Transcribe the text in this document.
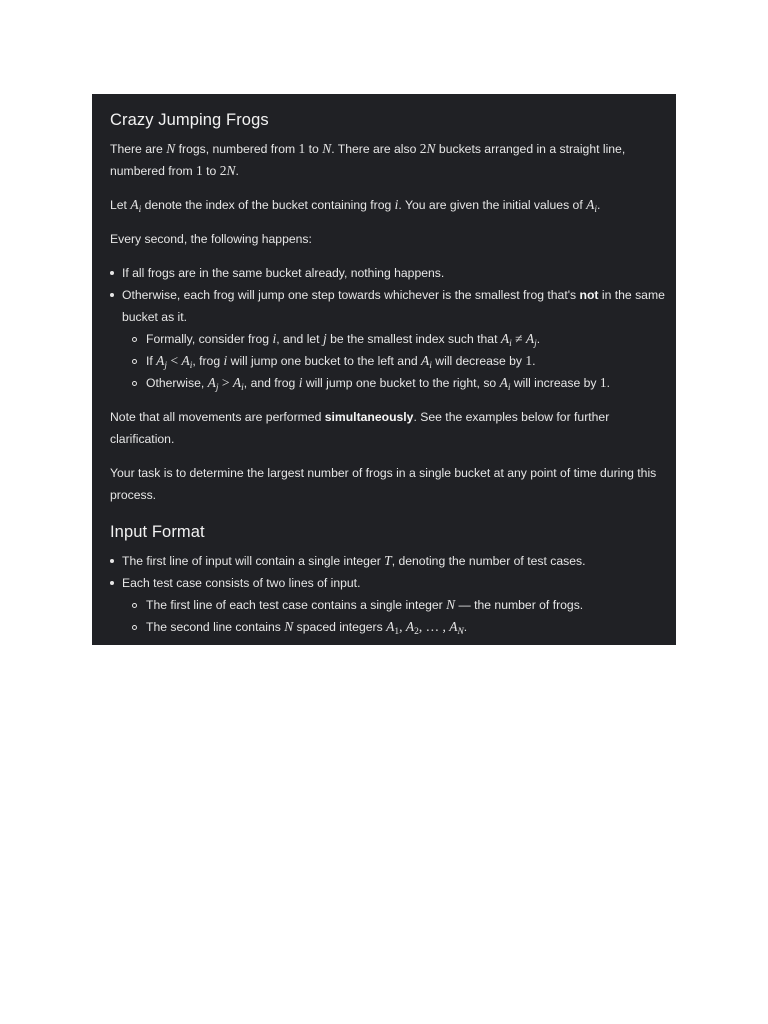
Crazy Jumping Frogs

There are N frogs, numbered from 1 to N. There are also 2N buckets arranged in a straight line, numbered from 1 to 2N.

Let $A_i$ denote the index of the bucket containing frog i. You are given the initial values of $A_i$.

Every second, the following happens:

If all frogs are in the same bucket already, nothing happens.
Otherwise, each frog will jump one step towards whichever is the smallest frog that's not in the same bucket as it.
Formally, consider frog i, and let j be the smallest index such that $A_i \ne A_j$.
If $A_j < A_i$, frog i will jump one bucket to the left and $A_i$ will decrease by 1.
Otherwise, $A_j > A_i$, and frog i will jump one bucket to the right, so $A_i$ will increase by 1.

Note that all movements are performed simultaneously. See the examples below for further clarification.

Your task is to determine the largest number of frogs in a single bucket at any point of time during this process.

Input Format
The first line of input will contain a single integer T, denoting the number of test cases.
Each test case consists of two lines of input.
The first line of each test case contains a single integer N — the number of frogs.
The second line contains N spaced integers $A_1$, $A_2$, … , $A_N$.
